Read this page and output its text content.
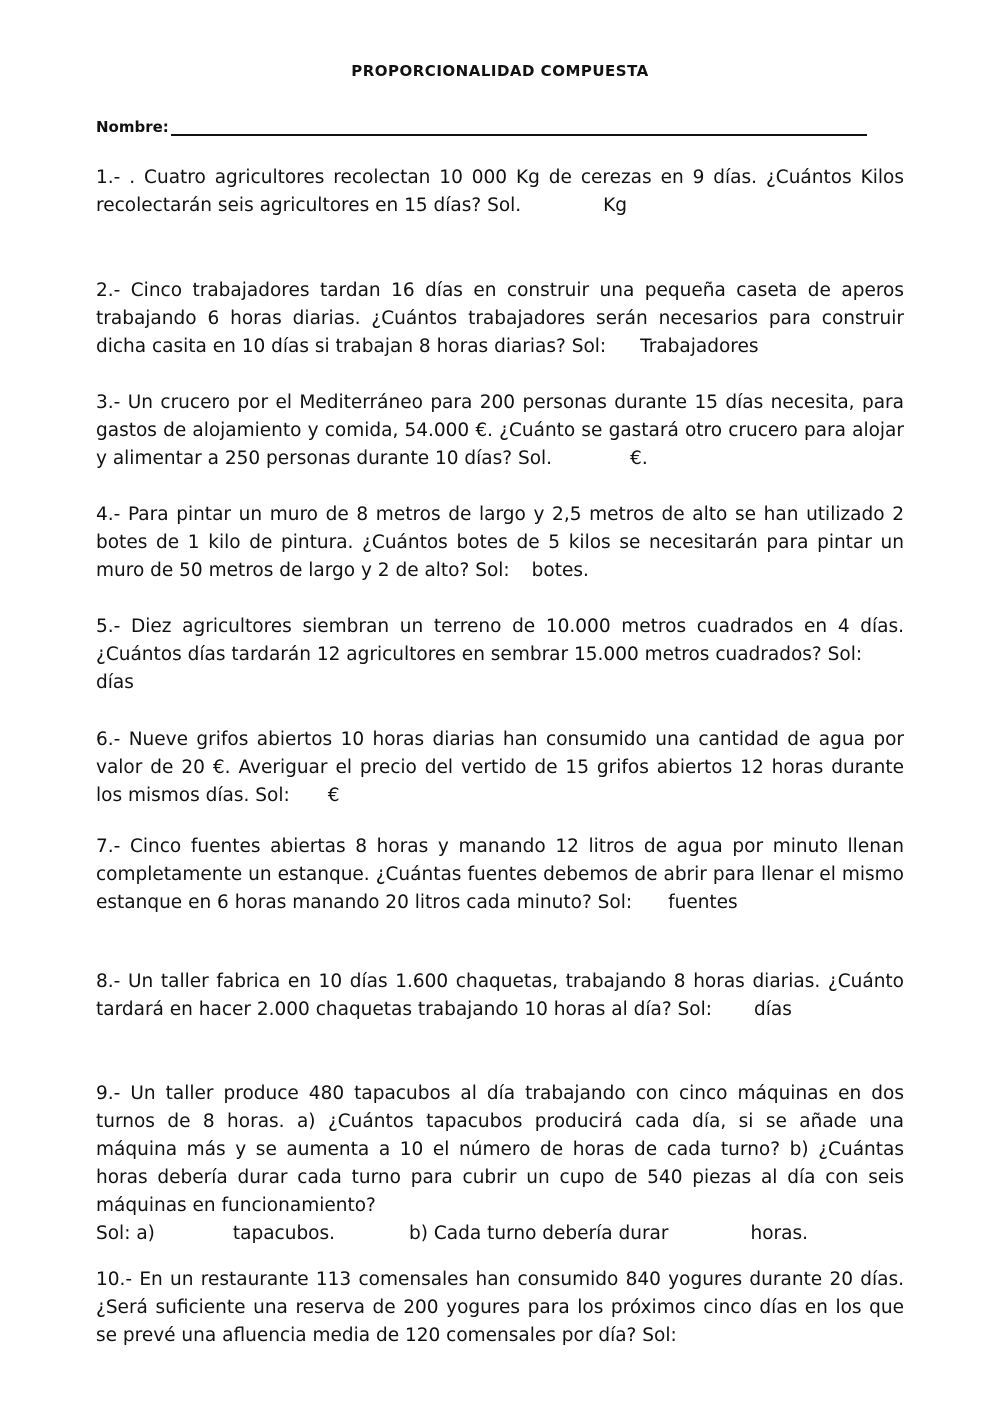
PROPORCIONALIDAD COMPUESTA
Nombre:
1.- . Cuatro agricultores recolectan 10 000 Kg de cerezas en 9 días. ¿Cuántos Kilos recolectarán seis agricultores en 15 días? Sol.	Kg
2.- Cinco trabajadores tardan 16 días en construir una pequeña caseta de aperos trabajando 6 horas diarias. ¿Cuántos trabajadores serán necesarios para construir dicha casita en 10 días si trabajan 8 horas diarias? Sol: Trabajadores
3.- Un crucero por el Mediterráneo para 200 personas durante 15 días necesita, para gastos de alojamiento y comida, 54.000 €. ¿Cuánto se gastará otro crucero para alojar y alimentar a 250 personas durante 10 días? Sol.	€.
4.- Para pintar un muro de 8 metros de largo y 2,5 metros de alto se han utilizado 2 botes de 1 kilo de pintura. ¿Cuántos botes de 5 kilos se necesitarán para pintar un muro de 50 metros de largo y 2 de alto? Sol: botes.
5.- Diez agricultores siembran un terreno de 10.000 metros cuadrados en 4 días. ¿Cuántos días tardarán 12 agricultores en sembrar 15.000 metros cuadrados? Sol:
días
6.- Nueve grifos abiertos 10 horas diarias han consumido una cantidad de agua por valor de 20 €. Averiguar el precio del vertido de 15 grifos abiertos 12 horas durante los mismos días. Sol: €
7.- Cinco fuentes abiertas 8 horas y manando 12 litros de agua por minuto llenan completamente un estanque. ¿Cuántas fuentes debemos de abrir para llenar el mismo estanque en 6 horas manando 20 litros cada minuto? Sol: fuentes
8.- Un taller fabrica en 10 días 1.600 chaquetas, trabajando 8 horas diarias. ¿Cuánto tardará en hacer 2.000 chaquetas trabajando 10 horas al día? Sol: días
9.- Un taller produce 480 tapacubos al día trabajando con cinco máquinas en dos turnos de 8 horas. a) ¿Cuántos tapacubos producirá cada día, si se añade una máquina más y se aumenta a 10 el número de horas de cada turno? b) ¿Cuántas horas debería durar cada turno para cubrir un cupo de 540 piezas al día con seis máquinas en funcionamiento?
Sol: a)	tapacubos.	b) Cada turno debería durar	horas.
10.- En un restaurante 113 comensales han consumido 840 yogures durante 20 días. ¿Será suficiente una reserva de 200 yogures para los próximos cinco días en los que se prevé una afluencia media de 120 comensales por día? Sol:
